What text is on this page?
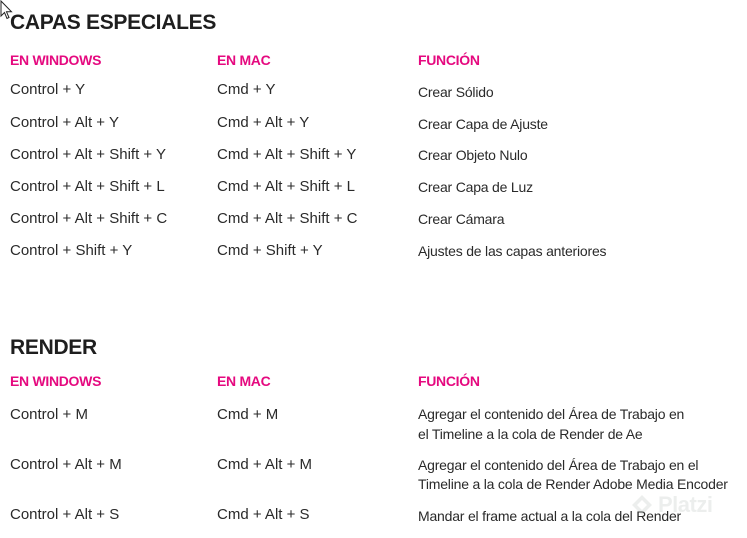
CAPAS ESPECIALES
EN WINDOWS	EN MAC	FUNCIÓN
Control + Y	Cmd + Y	Crear Sólido
Control + Alt + Y	Cmd + Alt + Y	Crear Capa de Ajuste
Control + Alt + Shift + Y	Cmd + Alt + Shift + Y	Crear Objeto Nulo
Control + Alt + Shift + L	Cmd + Alt + Shift + L	Crear Capa de Luz
Control + Alt + Shift + C	Cmd + Alt + Shift + C	Crear Cámara
Control + Shift + Y	Cmd + Shift + Y	Ajustes de las capas anteriores
RENDER
EN WINDOWS	EN MAC	FUNCIÓN
Control + M	Cmd + M	Agregar el contenido del Área de Trabajo en
el Timeline a la cola de Render de Ae
Control + Alt + M	Cmd + Alt + M	Agregar el contenido del Área de Trabajo en el
Timeline a la cola de Render Adobe Media Encoder
Control + Alt + S	Cmd + Alt + S	Mandar el frame actual a la cola del Render
Platzi
